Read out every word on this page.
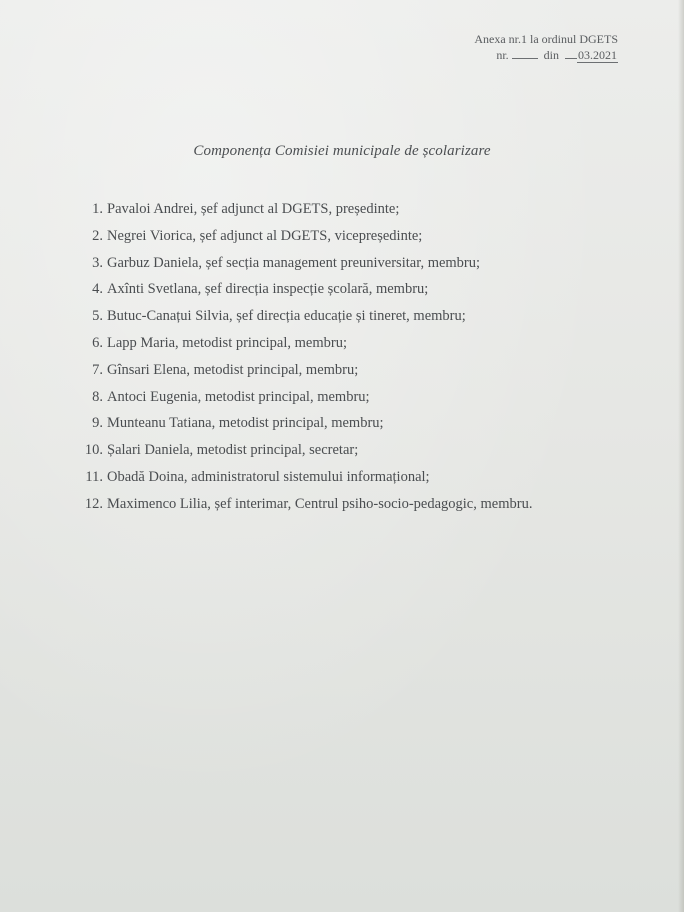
Anexa nr.1 la ordinul DGETS
nr.	din 03.2021
Componența Comisiei municipale de școlarizare
1. Pavaloi Andrei, șef adjunct al DGETS, președinte;
2. Negrei Viorica, șef adjunct al DGETS, vicepreședinte;
3. Garbuz Daniela, șef secția management preuniversitar, membru;
4. Axînti Svetlana, șef direcția inspecție școlară, membru;
5. Butuc-Canațui Silvia, șef direcția educație și tineret, membru;
6. Lapp Maria, metodist principal, membru;
7. Gînsari Elena, metodist principal, membru;
8. Antoci Eugenia, metodist principal, membru;
9. Munteanu Tatiana, metodist principal, membru;
10. Șalari Daniela, metodist principal, secretar;
11. Obadă Doina, administratorul sistemului informațional;
12. Maximenco Lilia, șef interimar, Centrul psiho-socio-pedagogic, membru.
